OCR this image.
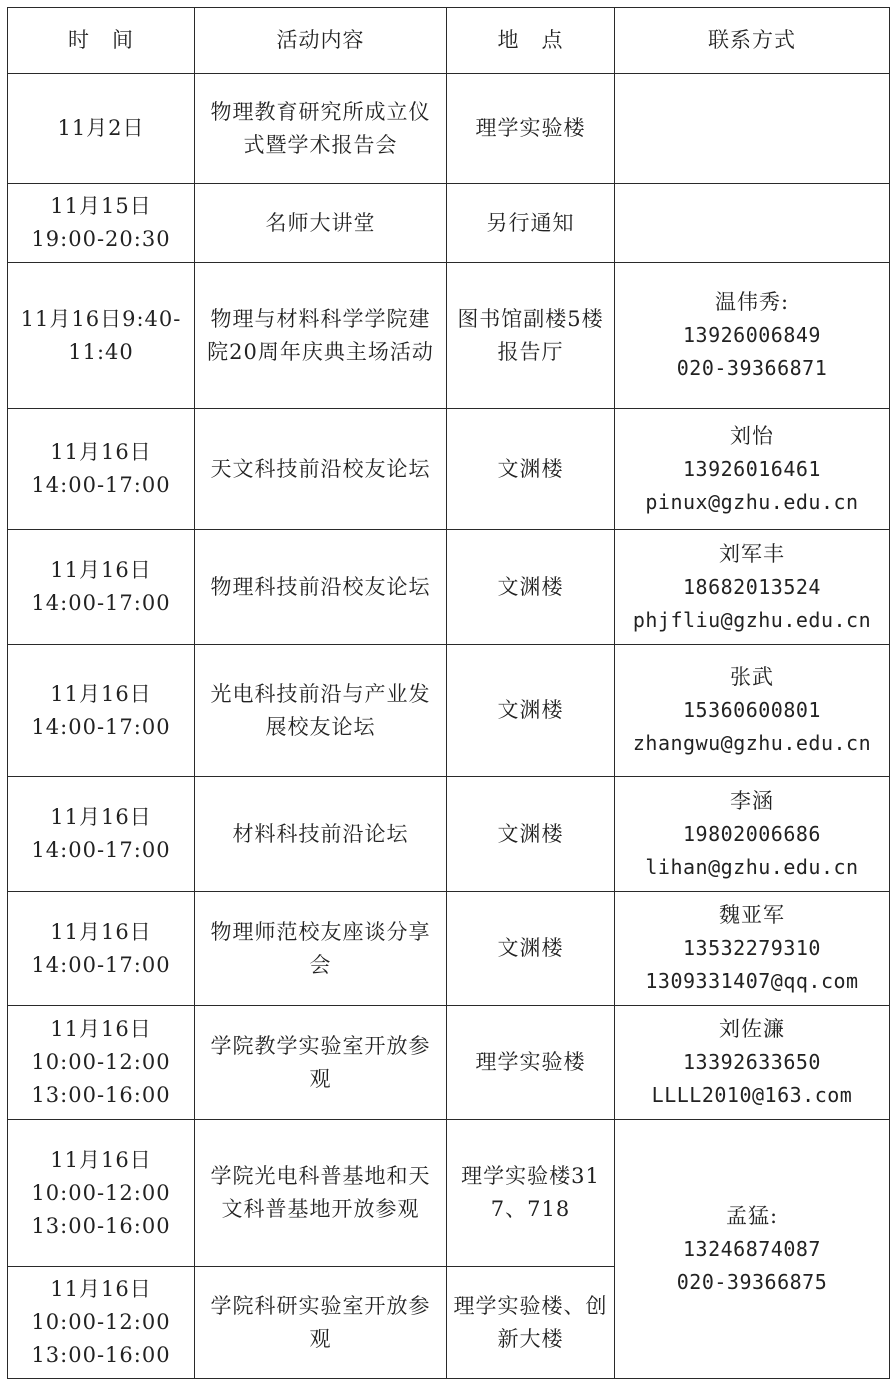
时　间	活动内容	地　点	联系方式

11月2日	物理教育研究所成立仪式暨学术报告会	理学实验楼	

11月15日
19:00-20:30	名师大讲堂	另行通知	

11月16日9:40-
11:40	物理与材料科学学院建院20周年庆典主场活动	图书馆副楼5楼报告厅	温伟秀:
13926006849
020-39366871

11月16日
14:00-17:00	天文科技前沿校友论坛	文渊楼	刘怡
13926016461
pinux@gzhu.edu.cn

11月16日
14:00-17:00	物理科技前沿校友论坛	文渊楼	刘军丰
18682013524
phjfliu@gzhu.edu.cn

11月16日
14:00-17:00	光电科技前沿与产业发展校友论坛	文渊楼	张武
15360600801
zhangwu@gzhu.edu.cn

11月16日
14:00-17:00	材料科技前沿论坛	文渊楼	李涵
19802006686
lihan@gzhu.edu.cn

11月16日
14:00-17:00	物理师范校友座谈分享会	文渊楼	魏亚军
13532279310
1309331407@qq.com

11月16日
10:00-12:00
13:00-16:00	学院教学实验室开放参观	理学实验楼	刘佐濂
13392633650
LLLL2010@163.com

11月16日
10:00-12:00
13:00-16:00	学院光电科普基地和天文科普基地开放参观	理学实验楼317、718	孟猛:
13246874087
020-39366875

11月16日
10:00-12:00
13:00-16:00	学院科研实验室开放参观	理学实验楼、创新大楼	
